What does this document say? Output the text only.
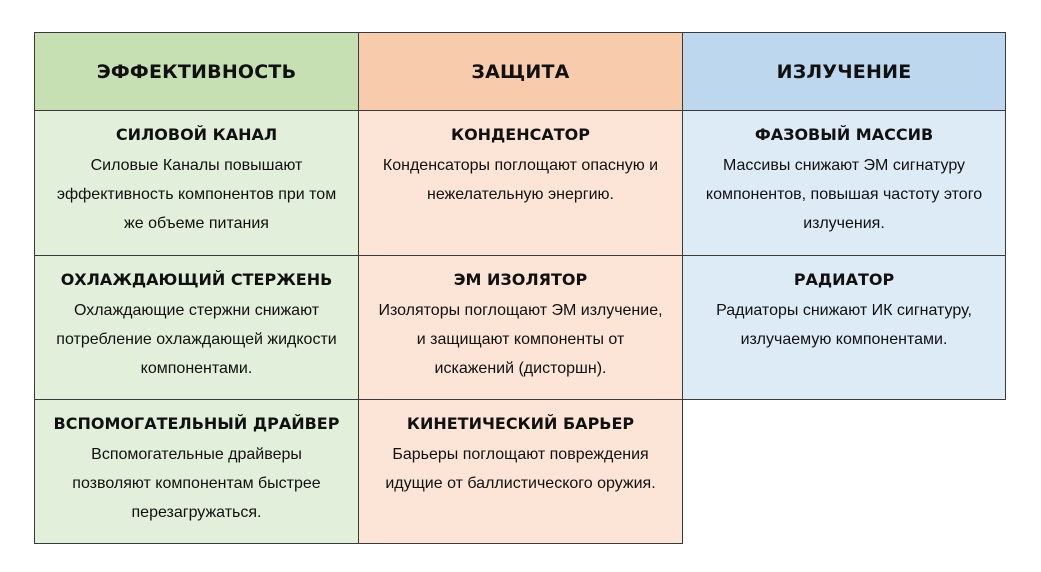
ЭФФЕКТИВНОСТЬ	ЗАЩИТА	ИЗЛУЧЕНИЕ
СИЛОВОЙ КАНАЛ
Силовые Каналы повышают
эффективность компонентов при том
же объеме питания
КОНДЕНСАТОР
Конденсаторы поглощают опасную и
нежелательную энергию.
ФАЗОВЫЙ МАССИВ
Массивы снижают ЭМ сигнатуру
компонентов, повышая частоту этого
излучения.
ОХЛАЖДАЮЩИЙ СТЕРЖЕНЬ
Охлаждающие стержни снижают
потребление охлаждающей жидкости
компонентами.
ЭМ ИЗОЛЯТОР
Изоляторы поглощают ЭМ излучение,
и защищают компоненты от
искажений (дисторшн).
РАДИАТОР
Радиаторы снижают ИК сигнатуру,
излучаемую компонентами.
ВСПОМОГАТЕЛЬНЫЙ ДРАЙВЕР
Вспомогательные драйверы
позволяют компонентам быстрее
перезагружаться.
КИНЕТИЧЕСКИЙ БАРЬЕР
Барьеры поглощают повреждения
идущие от баллистического оружия.
